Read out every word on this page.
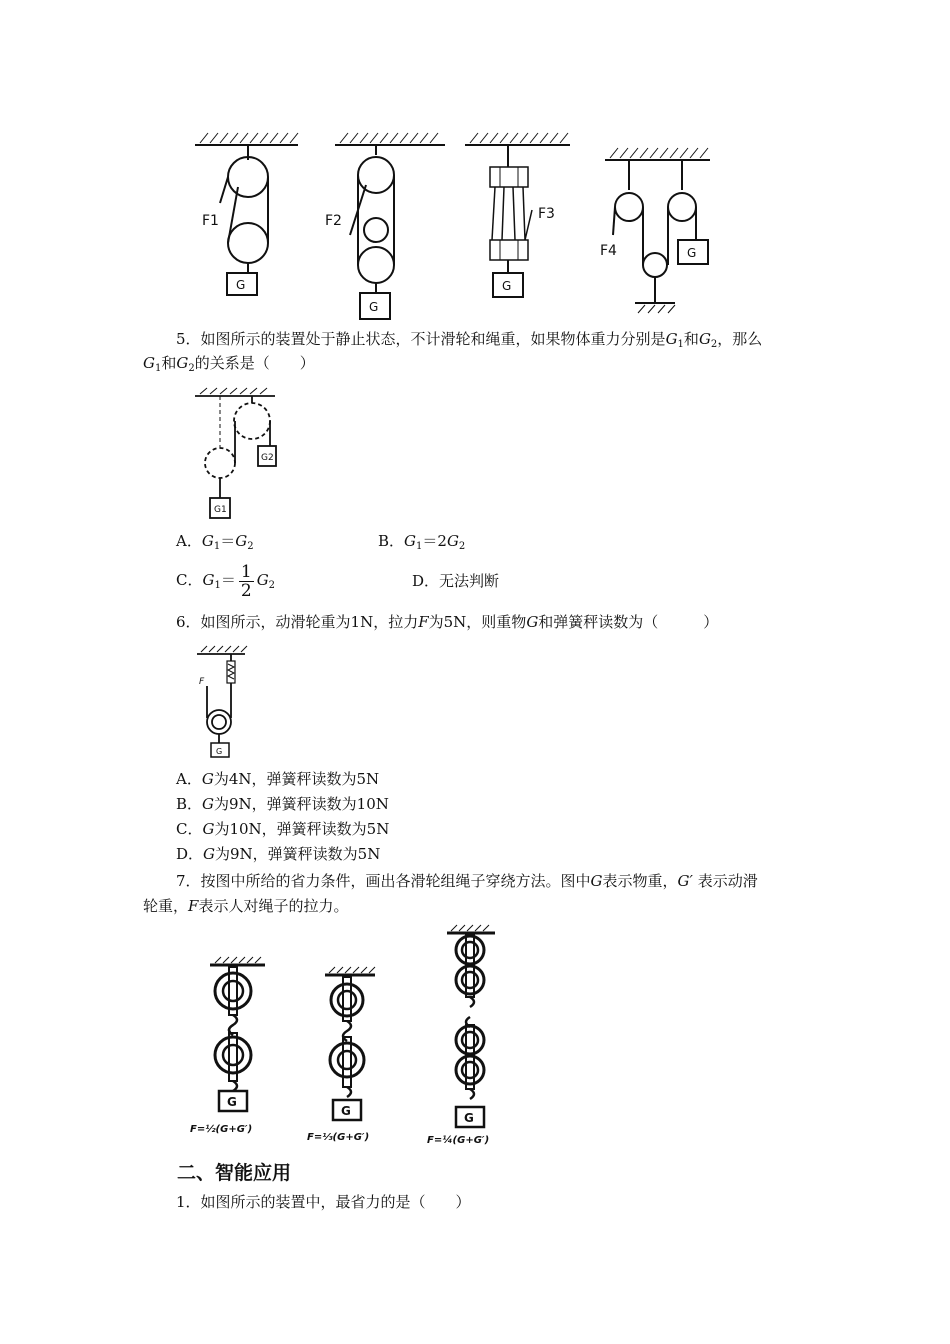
F1	F2	F3
F4
G
G
G
G
5．如图所示的装置处于静止状态，不计滑轮和绳重，如果物体重力分别是$G_1$和$G_2$，那么
$G_1$和$G_2$的关系是（　　）
G1
G2
A．$G_1=G_2$	B．$G_1=2G_2$
C．$G_1= \frac{1}{2} G_2$	D．无法判断
6．如图所示，动滑轮重为1N，拉力F为5N，则重物G和弹簧秤读数为（　　　）
F
G
A．G为4N，弹簧秤读数为5N
B．G为9N，弹簧秤读数为10N
C．G为10N，弹簧秤读数为5N
D．G为9N，弹簧秤读数为5N
7．按图中所给的省力条件，画出各滑轮组绳子穿绕方法。图中G表示物重，G′ 表示动滑
轮重，F表示人对绳子的拉力。
G
G	G
F=½(G+G′)
F=⅓(G+G′)	F=¼(G+G′)
二、智能应用
1．如图所示的装置中，最省力的是（　　）
